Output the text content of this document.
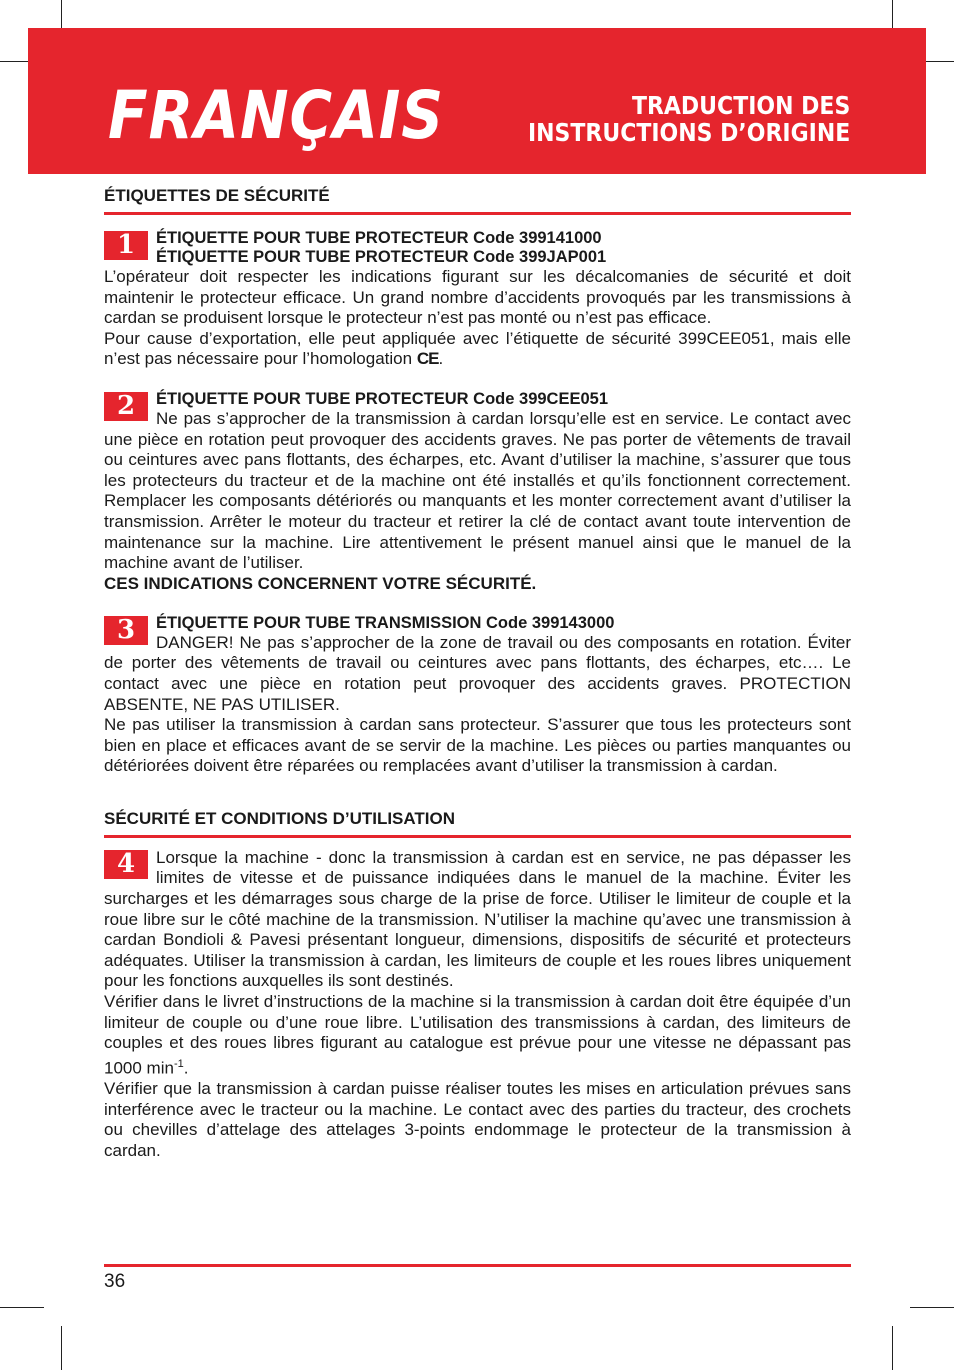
FRANÇAIS	TRADUCTION DES
INSTRUCTIONS D’ORIGINE
ÉTIQUETTES DE SÉCURITÉ
1	ÉTIQUETTE POUR TUBE PROTECTEUR Code 399141000
ÉTIQUETTE POUR TUBE PROTECTEUR Code 399JAP001

L’opérateur doit respecter les indications figurant sur les décalcomanies de sécurité et doit maintenir le protecteur efficace. Un grand nombre d’accidents provoqués par les transmissions à cardan se produisent lorsque le protecteur n’est pas monté ou n’est pas efficace.

Pour cause d’exportation, elle peut appliquée avec l’étiquette de sécurité 399CEE051, mais elle n’est pas nécessaire pour l’homologation CE.

2	ÉTIQUETTE POUR TUBE PROTECTEUR Code 399CEE051

Ne pas s’approcher de la transmission à cardan lorsqu’elle est en service. Le contact avec une pièce en rotation peut provoquer des accidents graves. Ne pas porter de vêtements de travail ou ceintures avec pans flottants, des écharpes, etc. Avant d’utiliser la machine, s’assurer que tous les protecteurs du tracteur et de la machine ont été installés et qu’ils fonctionnent correctement. Remplacer les composants détériorés ou manquants et les monter correctement avant d’utiliser la transmission. Arrêter le moteur du tracteur et retirer la clé de contact avant toute intervention de maintenance sur la machine. Lire attentivement le présent manuel ainsi que le manuel de la machine avant de l’utiliser.

CES INDICATIONS CONCERNENT VOTRE SÉCURITÉ.
3	ÉTIQUETTE POUR TUBE TRANSMISSION Code 399143000

DANGER! Ne pas s’approcher de la zone de travail ou des composants en rotation. Éviter de porter des vêtements de travail ou ceintures avec pans flottants, des écharpes, etc…. Le contact avec une pièce en rotation peut provoquer des accidents graves. PROTECTION ABSENTE, NE PAS UTILISER.

Ne pas utiliser la transmission à cardan sans protecteur. S’assurer que tous les protecteurs sont bien en place et efficaces avant de se servir de la machine. Les pièces ou parties manquantes ou détériorées doivent être réparées ou remplacées avant d’utiliser la transmission à cardan.

SÉCURITÉ ET CONDITIONS D’UTILISATION
4	Lorsque la machine - donc la transmission à cardan est en service, ne pas dépasser les limites de vitesse et de puissance indiquées dans le manuel de la machine. Éviter les surcharges et les démarrages sous charge de la prise de force. Utiliser le limiteur de couple et la roue libre sur le côté machine de la transmission. N’utiliser la machine qu’avec une transmission à cardan Bondioli & Pavesi présentant longueur, dimensions, dispositifs de sécurité et protecteurs adéquates. Utiliser la transmission à cardan, les limiteurs de couple et les roues libres uniquement pour les fonctions auxquelles ils sont destinés.

Vérifier dans le livret d’instructions de la machine si la transmission à cardan doit être équipée d’un limiteur de couple ou d’une roue libre. L’utilisation des transmissions à cardan, des limiteurs de couples et des roues libres figurant au catalogue est prévue pour une vitesse ne dépassant pas 1000 $\min^{-1}$.

Vérifier que la transmission à cardan puisse réaliser toutes les mises en articulation prévues sans interférence avec le tracteur ou la machine. Le contact avec des parties du tracteur, des crochets ou chevilles d’attelage des attelages 3-points endommage le protecteur de la transmission à cardan.

36
